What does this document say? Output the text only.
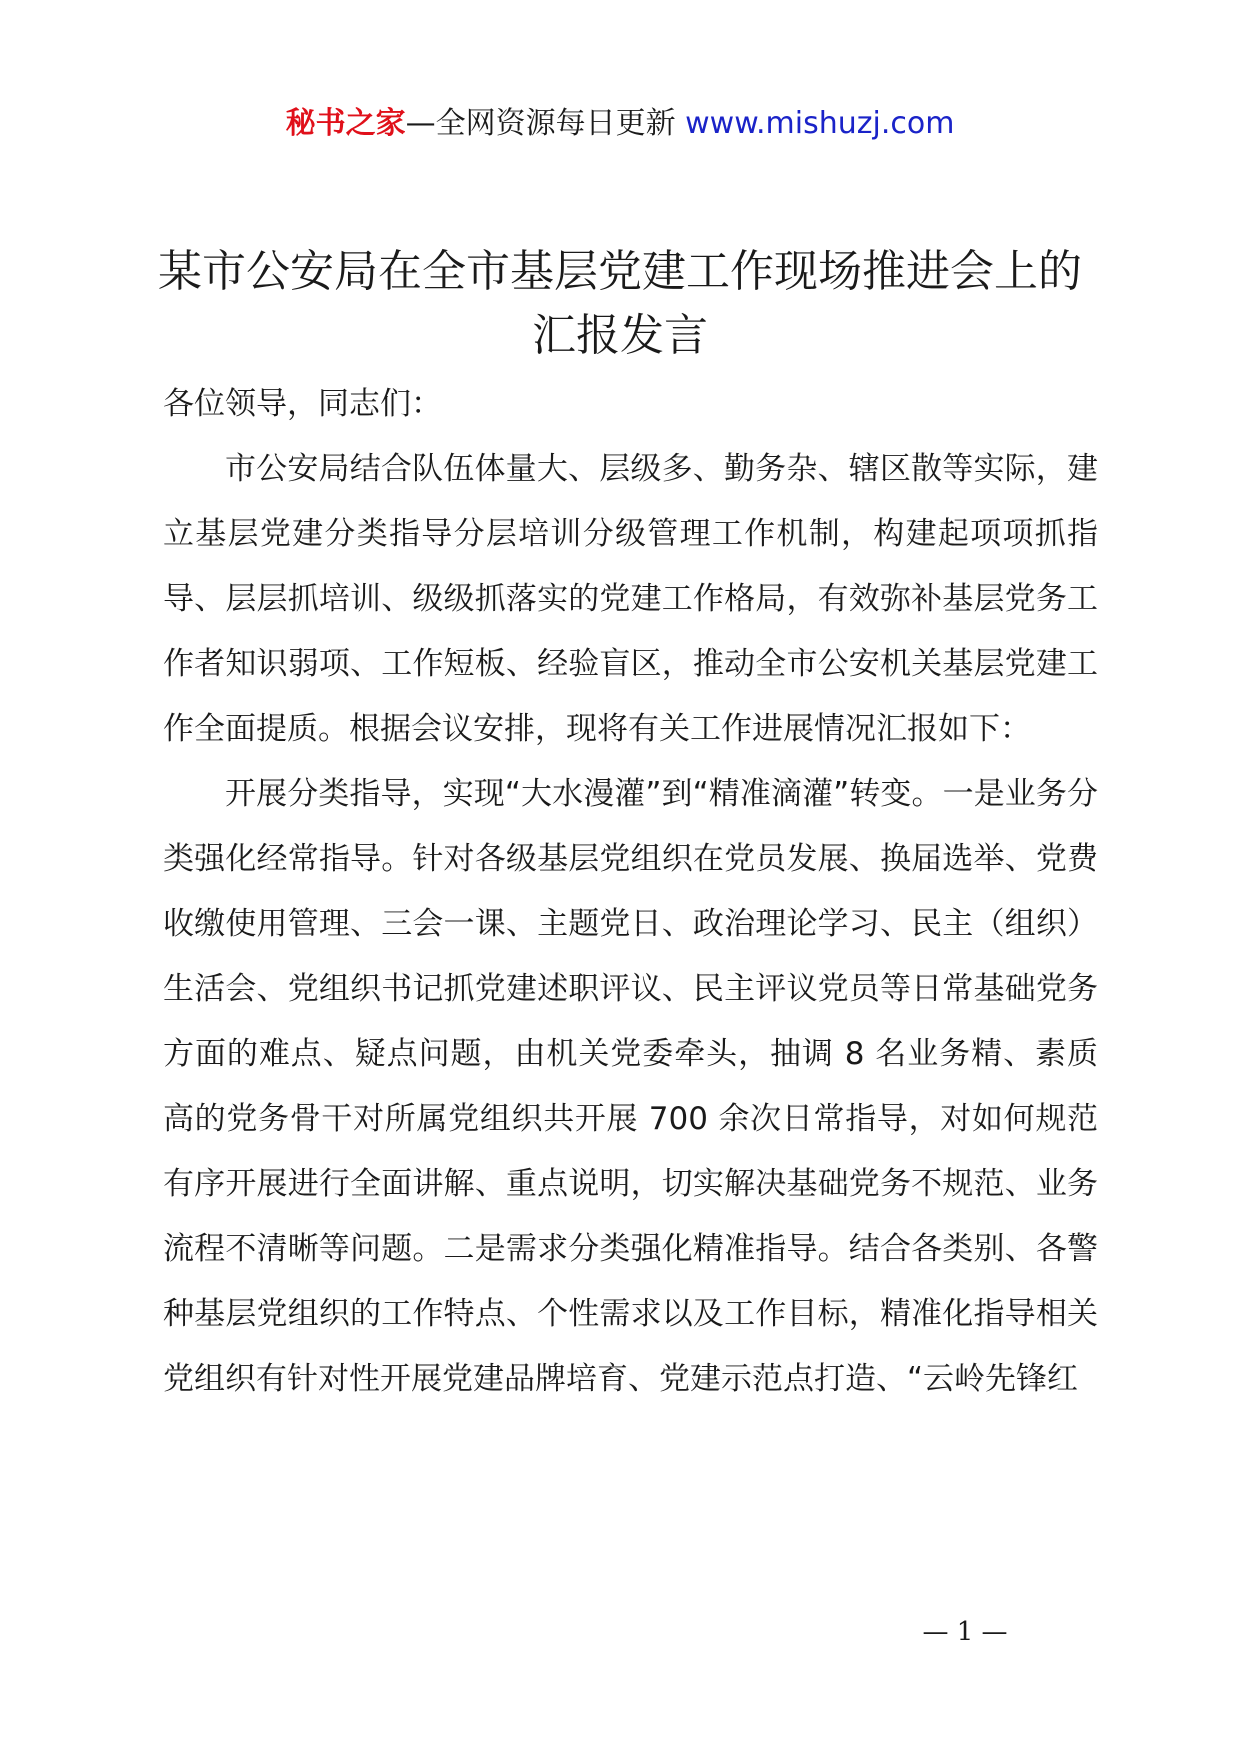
秘书之家—全网资源每日更新 www.mishuzj.com
某市公安局在全市基层党建工作现场推进会上的汇报发言

各位领导，同志们：

市公安局结合队伍体量大、层级多、勤务杂、辖区散等实际，建立基层党建分类指导分层培训分级管理工作机制，构建起项项抓指导、层层抓培训、级级抓落实的党建工作格局，有效弥补基层党务工作者知识弱项、工作短板、经验盲区，推动全市公安机关基层党建工作全面提质。根据会议安排，现将有关工作进展情况汇报如下：

开展分类指导，实现“大水漫灌”到“精准滴灌”转变。一是业务分类强化经常指导。针对各级基层党组织在党员发展、换届选举、党费收缴使用管理、三会一课、主题党日、政治理论学习、民主（组织）生活会、党组织书记抓党建述职评议、民主评议党员等日常基础党务方面的难点、疑点问题，由机关党委牵头，抽调 8 名业务精、素质高的党务骨干对所属党组织共开展 700 余次日常指导，对如何规范有序开展进行全面讲解、重点说明，切实解决基础党务不规范、业务流程不清晰等问题。二是需求分类强化精准指导。结合各类别、各警种基层党组织的工作特点、个性需求以及工作目标，精准化指导相关党组织有针对性开展党建品牌培育、党建示范点打造、“云岭先锋红

— 1 —
